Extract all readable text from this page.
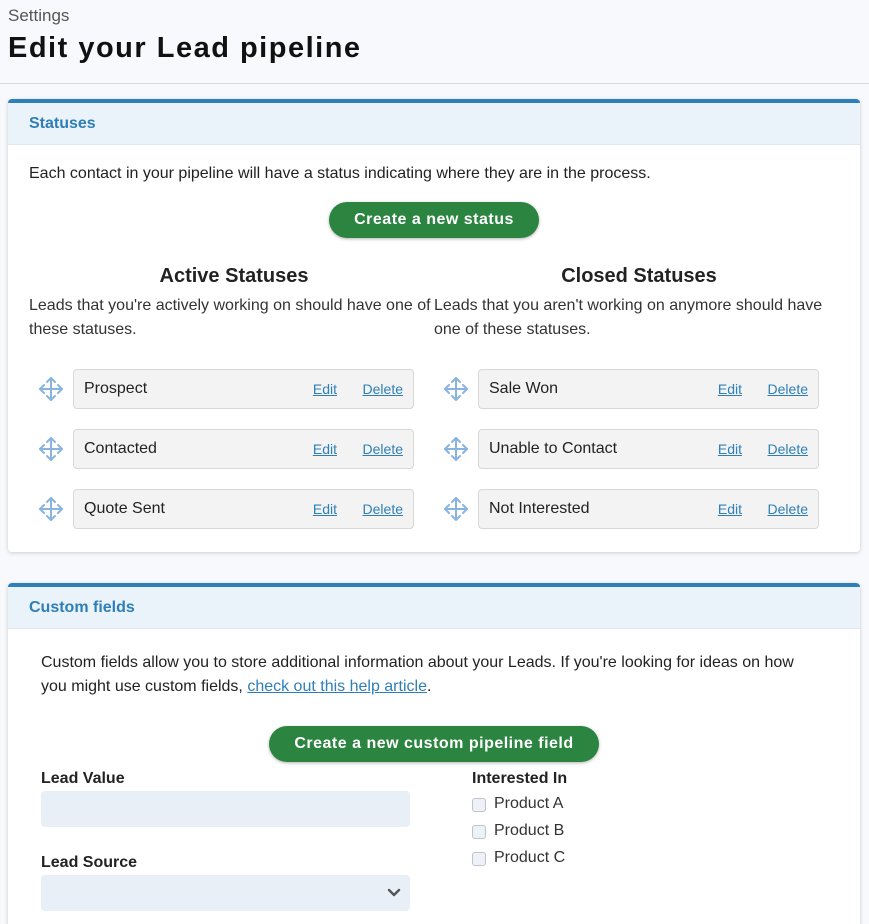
Settings
Edit your Lead pipeline
Statuses
Each contact in your pipeline will have a status indicating where they are in the process.
Create a new status
Active Statuses

Leads that you're actively working on should have one of these statuses.

Prospect	Edit Delete
Contacted	Edit Delete
Quote Sent	Edit Delete
Closed Statuses

Leads that you aren't working on anymore should have one of these statuses.

Sale Won	Edit Delete
Unable to Contact	Edit Delete
Not Interested	Edit Delete
Custom fields
Custom fields allow you to store additional information about your Leads. If you're looking for ideas on how you might use custom fields, check out this help article.
Create a new custom pipeline field
Lead Value
Lead Source
Interested In
Product A
Product B
Product C
